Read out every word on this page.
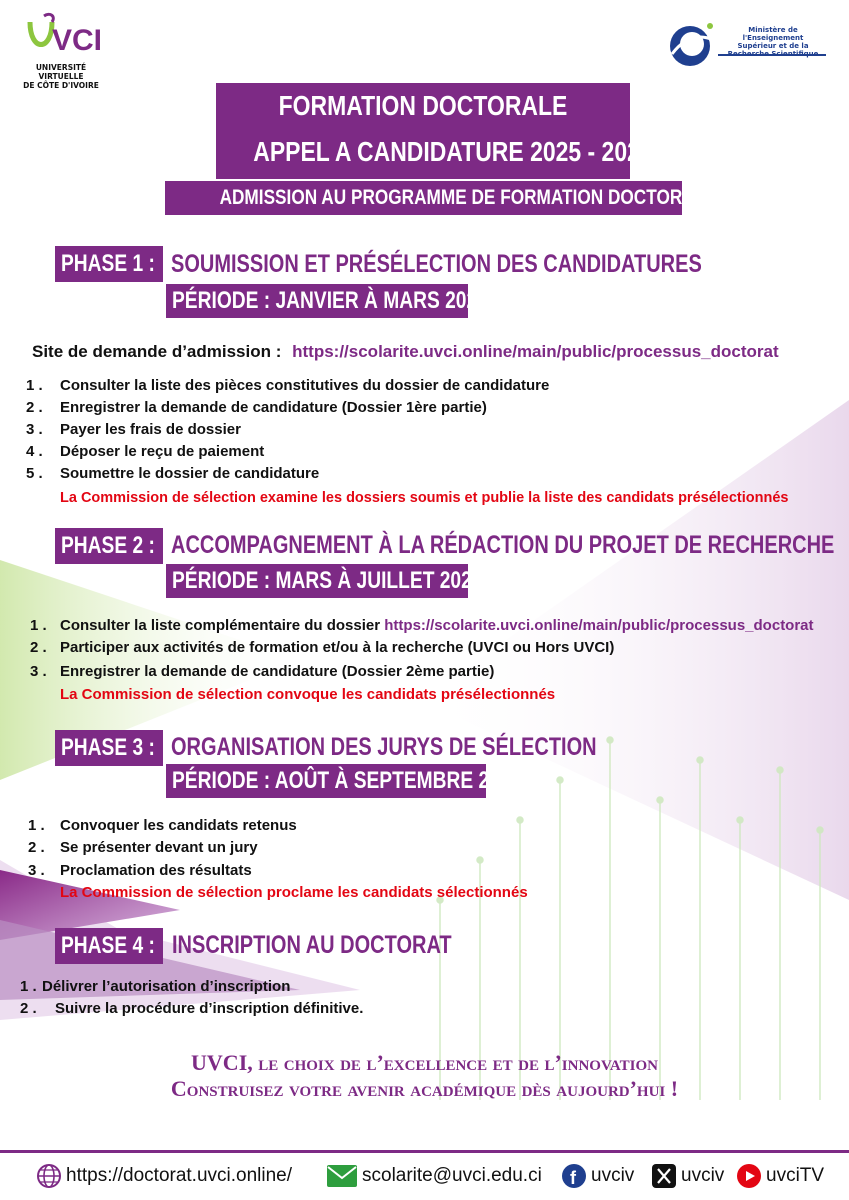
VCI
UNIVERSITÉ VIRTUELLE
DE CÔTE D'IVOIRE
Ministère de l'Enseignement
Supérieur et de la
FORMATION DOCTORALE
APPEL A CANDIDATURE 2025 - 2026
ADMISSION AU PROGRAMME DE FORMATION DOCTORALE
PHASE 1 : SOUMISSION ET PRÉSÉLECTION DES CANDIDATURES
PÉRIODE : JANVIER À MARS 2026
Site de demande d’admission : https://scolarite.uvci.online/main/public/processus_doctorat
1 . Consulter la liste des pièces constitutives du dossier de candidature
2 . Enregistrer la demande de candidature (Dossier 1ère partie)
3 . Payer les frais de dossier
4 . Déposer le reçu de paiement
5 . Soumettre le dossier de candidature
La Commission de sélection examine les dossiers soumis et publie la liste des candidats présélectionnés
PHASE 2 : ACCOMPAGNEMENT À LA RÉDACTION DU PROJET DE RECHERCHE
PÉRIODE : MARS À JUILLET 2026
1 . Consulter la liste complémentaire du dossier https://scolarite.uvci.online/main/public/processus_doctorat
2 . Participer aux activités de formation et/ou à la recherche (UVCI ou Hors UVCI)
3 . Enregistrer la demande de candidature (Dossier 2ème partie)
La Commission de sélection convoque les candidats présélectionnés
PHASE 3 : ORGANISATION DES JURYS DE SÉLECTION
PÉRIODE : AOÛT À SEPTEMBRE 2026
1 . Convoquer les candidats retenus
2 . Se présenter devant un jury
3 . Proclamation des résultats
La Commission de sélection proclame les candidats sélectionnés
PHASE 4 : INSCRIPTION AU DOCTORAT
1 . Délivrer l’autorisation d’inscription
2 . Suivre la procédure d’inscription définitive.
UVCI, le choix de l’excellence et de l’innovation
Construisez votre avenir académique dès aujourd’hui !
https://doctorat.uvci.online/	scolarite@uvci.edu.ci f uvciv uvciv uvciTV
